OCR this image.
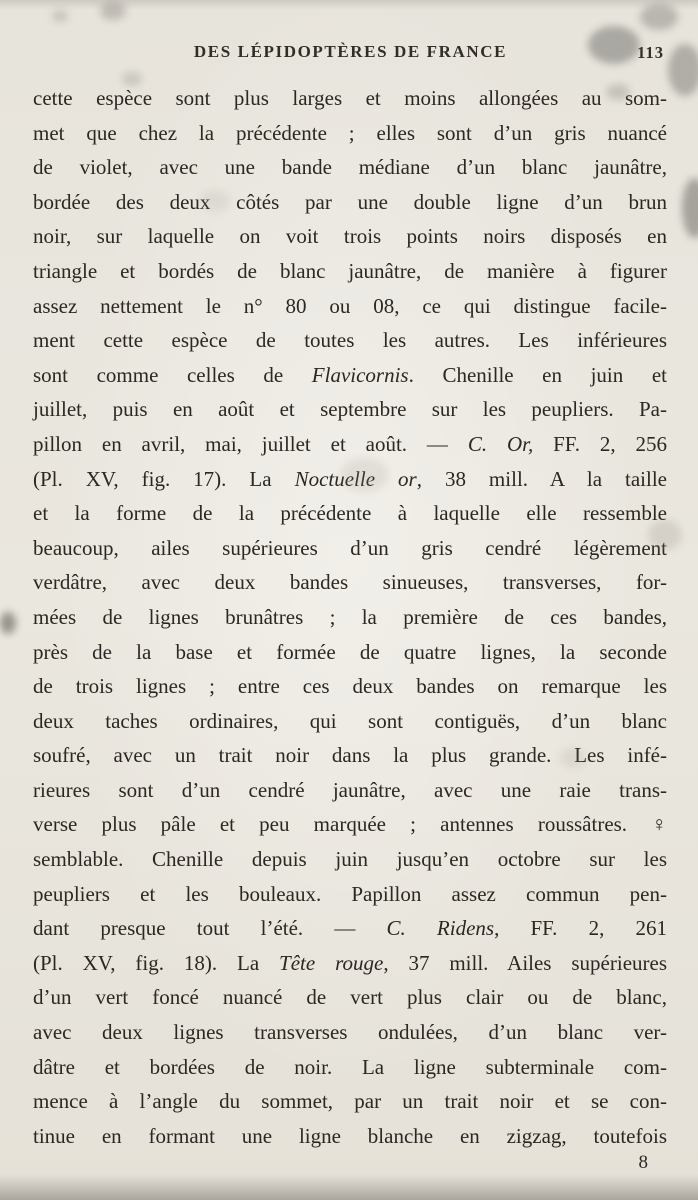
DES LÉPIDOPTÈRES DE FRANCE	113
cette espèce sont plus larges et moins allongées au som-
met que chez la précédente ; elles sont d’un gris nuancé
de violet, avec une bande médiane d’un blanc jaunâtre,
bordée des deux côtés par une double ligne d’un brun
noir, sur laquelle on voit trois points noirs disposés en
triangle et bordés de blanc jaunâtre, de manière à figurer
assez nettement le n° 80 ou 08, ce qui distingue facile-
ment cette espèce de toutes les autres. Les inférieures
sont comme celles de Flavicornis. Chenille en juin et
juillet, puis en août et septembre sur les peupliers. Pa-
pillon en avril, mai, juillet et août. — C. Or, FF. 2, 256
(Pl. XV, fig. 17). La Noctuelle or, 38 mill. A la taille
et la forme de la précédente à laquelle elle ressemble
beaucoup, ailes supérieures d’un gris cendré légèrement
verdâtre, avec deux bandes sinueuses, transverses, for-
mées de lignes brunâtres ; la première de ces bandes,
près de la base et formée de quatre lignes, la seconde
de trois lignes ; entre ces deux bandes on remarque les
deux taches ordinaires, qui sont contiguës, d’un blanc
soufré, avec un trait noir dans la plus grande. Les infé-
rieures sont d’un cendré jaunâtre, avec une raie trans-
verse plus pâle et peu marquée ; antennes roussâtres. ♀
semblable. Chenille depuis juin jusqu’en octobre sur les
peupliers et les bouleaux. Papillon assez commun pen-
dant presque tout l’été. — C. Ridens, FF. 2, 261
(Pl. XV, fig. 18). La Tête rouge, 37 mill. Ailes supérieures
d’un vert foncé nuancé de vert plus clair ou de blanc,
avec deux lignes transverses ondulées, d’un blanc ver-
dâtre et bordées de noir. La ligne subterminale com-
mence à l’angle du sommet, par un trait noir et se con-
tinue en formant une ligne blanche en zigzag, toutefois
8
